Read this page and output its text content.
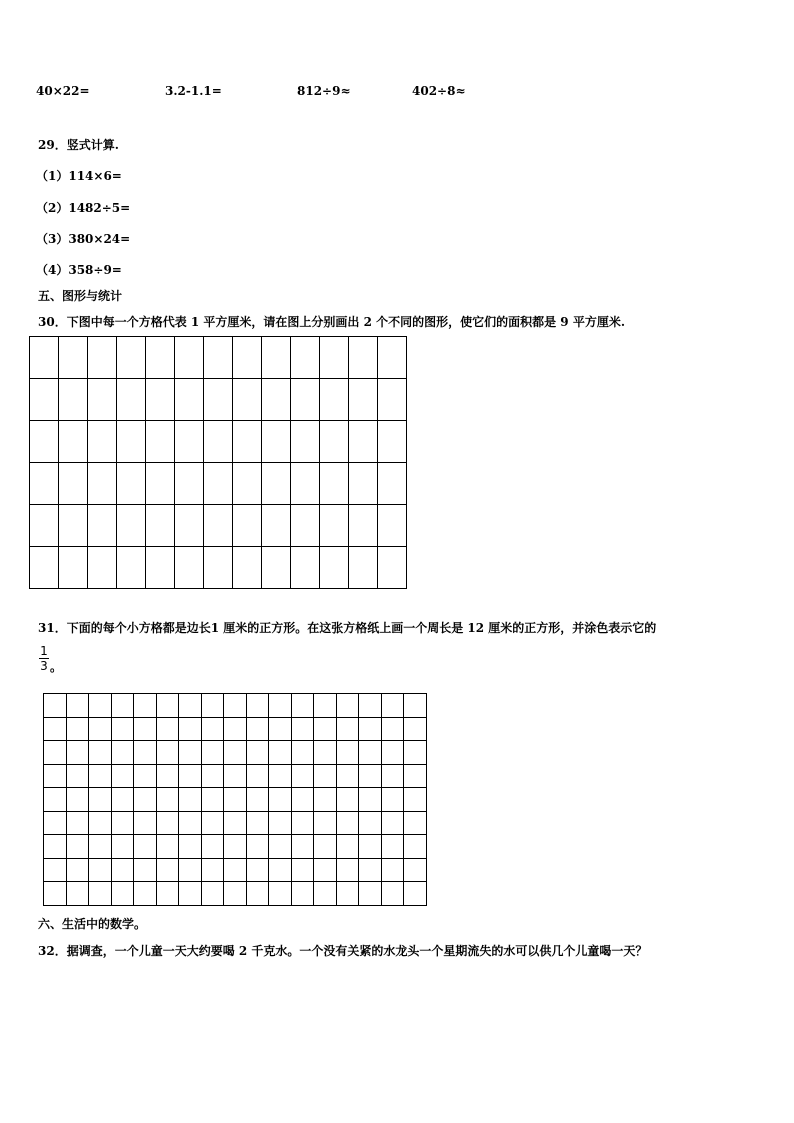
40×22=	3.2-1.1=	812÷9≈	402÷8≈
29．竖式计算.
（1）114×6=
（2）1482÷5=
（3）380×24=
（4）358÷9=
五、图形与统计
30．下图中每一个方格代表 1 平方厘米，请在图上分别画出 2 个不同的图形，使它们的面积都是 9 平方厘米.

31．下面的每个小方格都是边长1 厘米的正方形。在这张方格纸上画一个周长是 12 厘米的正方形，并涂色表示它的
1
3 。

六、生活中的数学。
32．据调查，一个儿童一天大约要喝 2 千克水。一个没有关紧的水龙头一个星期流失的水可以供几个儿童喝一天？
